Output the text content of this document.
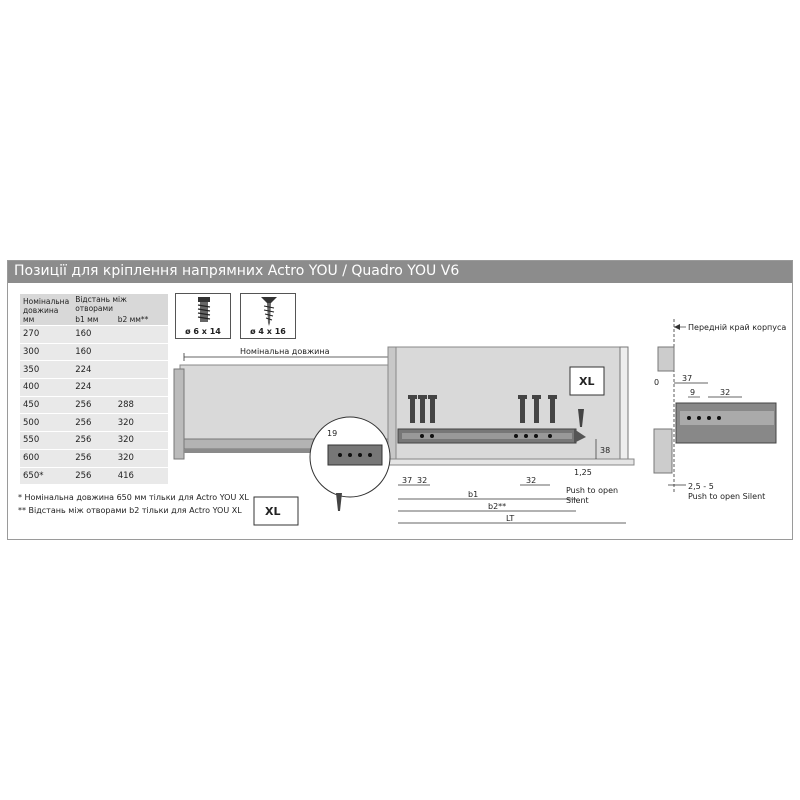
Позиції для кріплення напрямних Actro YOU / Quadro YOU V6
Номінальна довжина мм	Відстань між отворами	
	b1 мм	b2 мм**
270	160	
300	160	
350	224	
400	224	
450	256	288
500	256	320
550	256	320
600	256	320
650*	256	416
* Номінальна довжина 650 мм тільки для Actro YOU XL
** Відстань між отворами b2 тільки для Actro YOU XL
ø 6 x 14	ø 4 x 16
Номінальна довжина
XL
XL
19
37 32
b1
b2**
32
38
1,25
Push to open
Silent
LT
Передній край корпуса
0	37
9	32
2,5 - 5
Push to open Silent
